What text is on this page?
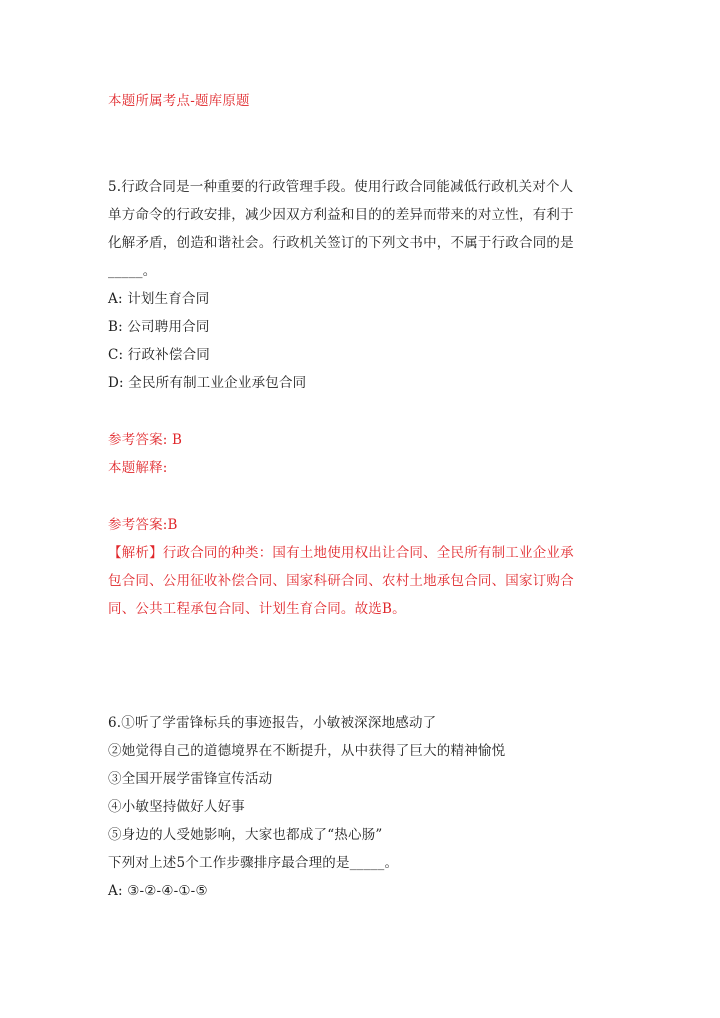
本题所属考点-题库原题

5.行政合同是一种重要的行政管理手段。使用行政合同能减低行政机关对个人

单方命令的行政安排，减少因双方利益和目的的差异而带来的对立性，有利于

化解矛盾，创造和谐社会。行政机关签订的下列文书中，不属于行政合同的是

_____。

A: 计划生育合同

B: 公司聘用合同

C: 行政补偿合同

D: 全民所有制工业企业承包合同

参考答案: B

本题解释:

参考答案:B

【解析】行政合同的种类：国有土地使用权出让合同、全民所有制工业企业承

包合同、公用征收补偿合同、国家科研合同、农村土地承包合同、国家订购合

同、公共工程承包合同、计划生育合同。故选B。

6.①听了学雷锋标兵的事迹报告，小敏被深深地感动了

②她觉得自己的道德境界在不断提升，从中获得了巨大的精神愉悦

③全国开展学雷锋宣传活动

④小敏坚持做好人好事

⑤身边的人受她影响，大家也都成了“热心肠”

下列对上述5个工作步骤排序最合理的是_____。

A: ③-②-④-①-⑤
